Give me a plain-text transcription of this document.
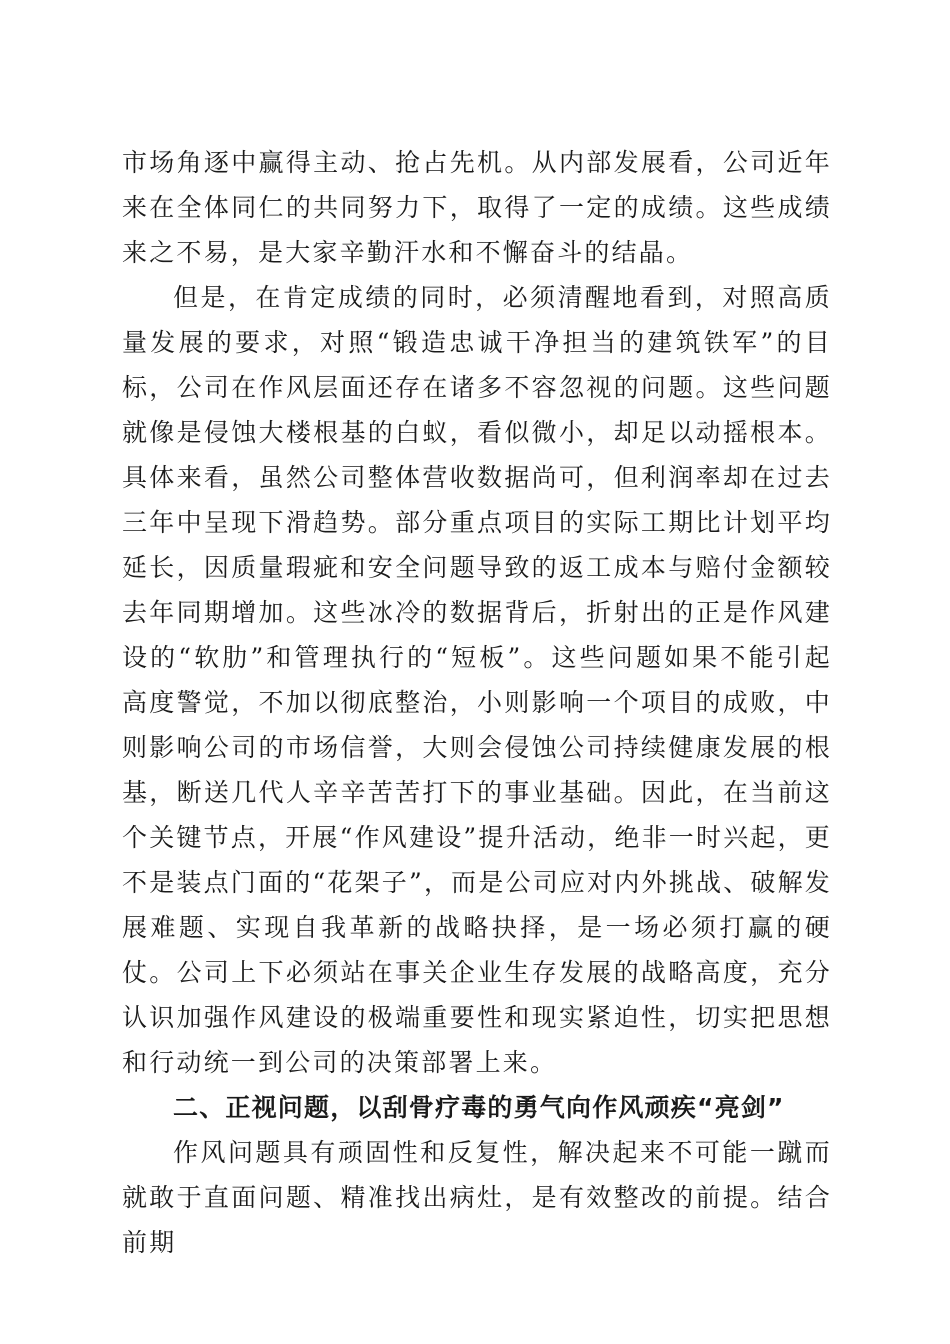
市场角逐中赢得主动、抢占先机。从内部发展看，公司近年来在全体同仁的共同努力下，取得了一定的成绩。这些成绩来之不易，是大家辛勤汗水和不懈奋斗的结晶。

但是，在肯定成绩的同时，必须清醒地看到，对照高质量发展的要求，对照“锻造忠诚干净担当的建筑铁军”的目标，公司在作风层面还存在诸多不容忽视的问题。这些问题就像是侵蚀大楼根基的白蚁，看似微小，却足以动摇根本。具体来看，虽然公司整体营收数据尚可，但利润率却在过去三年中呈现下滑趋势。部分重点项目的实际工期比计划平均延长，因质量瑕疵和安全问题导致的返工成本与赔付金额较去年同期增加。这些冰冷的数据背后，折射出的正是作风建设的“软肋”和管理执行的“短板”。这些问题如果不能引起高度警觉，不加以彻底整治，小则影响一个项目的成败，中则影响公司的市场信誉，大则会侵蚀公司持续健康发展的根基，断送几代人辛辛苦苦打下的事业基础。因此，在当前这个关键节点，开展“作风建设”提升活动，绝非一时兴起，更不是装点门面的“花架子”，而是公司应对内外挑战、破解发展难题、实现自我革新的战略抉择，是一场必须打赢的硬仗。公司上下必须站在事关企业生存发展的战略高度，充分认识加强作风建设的极端重要性和现实紧迫性，切实把思想和行动统一到公司的决策部署上来。

二、正视问题，以刮骨疗毒的勇气向作风顽疾“亮剑”

作风问题具有顽固性和反复性，解决起来不可能一蹴而就敢于直面问题、精准找出病灶，是有效整改的前提。结合前期
